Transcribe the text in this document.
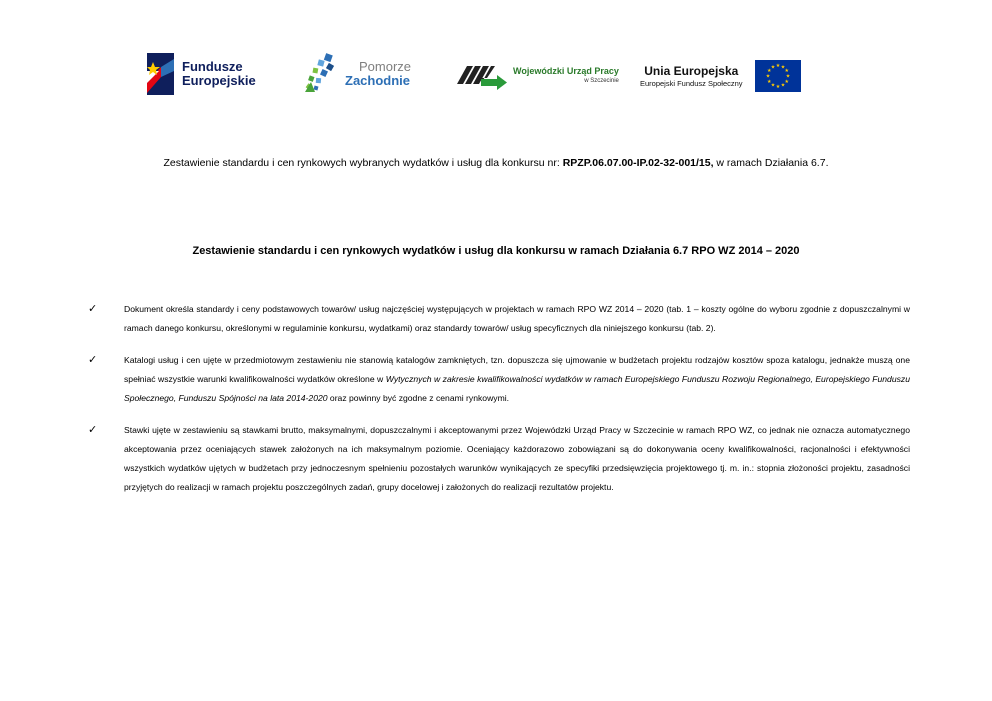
Fundusze
Europejskie
Pomorze
Zachodnie
Wojewódzki Urząd Pracy
w Szczecinie
Unia Europejska
Europejski Fundusz Społeczny
★ ★
★
★
★
★
★
★
★
★
★
★
Zestawienie standardu i cen rynkowych wybranych wydatków i usług dla konkursu nr: RPZP.06.07.00-IP.02-32-001/15, w ramach Działania 6.7.
Zestawienie standardu i cen rynkowych wydatków i usług dla konkursu w ramach Działania 6.7 RPO WZ 2014 – 2020
✓	Dokument określa standardy i ceny podstawowych towarów/ usług najczęściej występujących w projektach w ramach RPO WZ 2014 – 2020 (tab. 1 – koszty ogólne do wyboru zgodnie z dopuszczalnymi w ramach danego konkursu, określonymi w regulaminie konkursu, wydatkami) oraz standardy towarów/ usług specyficznych dla niniejszego konkursu (tab. 2).
✓	Katalogi usług i cen ujęte w przedmiotowym zestawieniu nie stanowią katalogów zamkniętych, tzn. dopuszcza się ujmowanie w budżetach projektu rodzajów kosztów spoza katalogu, jednakże muszą one spełniać wszystkie warunki kwalifikowalności wydatków określone w Wytycznych w zakresie kwalifikowalności wydatków w ramach Europejskiego Funduszu Rozwoju Regionalnego, Europejskiego Funduszu Społecznego, Funduszu Spójności na lata 2014-2020 oraz powinny być zgodne z cenami rynkowymi.
✓	Stawki ujęte w zestawieniu są stawkami brutto, maksymalnymi, dopuszczalnymi i akceptowanymi przez Wojewódzki Urząd Pracy w Szczecinie w ramach RPO WZ, co jednak nie oznacza automatycznego akceptowania przez oceniających stawek założonych na ich maksymalnym poziomie. Oceniający każdorazowo zobowiązani są do dokonywania oceny kwalifikowalności, racjonalności i efektywności wszystkich wydatków ujętych w budżetach przy jednoczesnym spełnieniu pozostałych warunków wynikających ze specyfiki przedsięwzięcia projektowego tj. m. in.: stopnia złożoności projektu, zasadności przyjętych do realizacji w ramach projektu poszczególnych zadań, grupy docelowej i założonych do realizacji rezultatów projektu.
